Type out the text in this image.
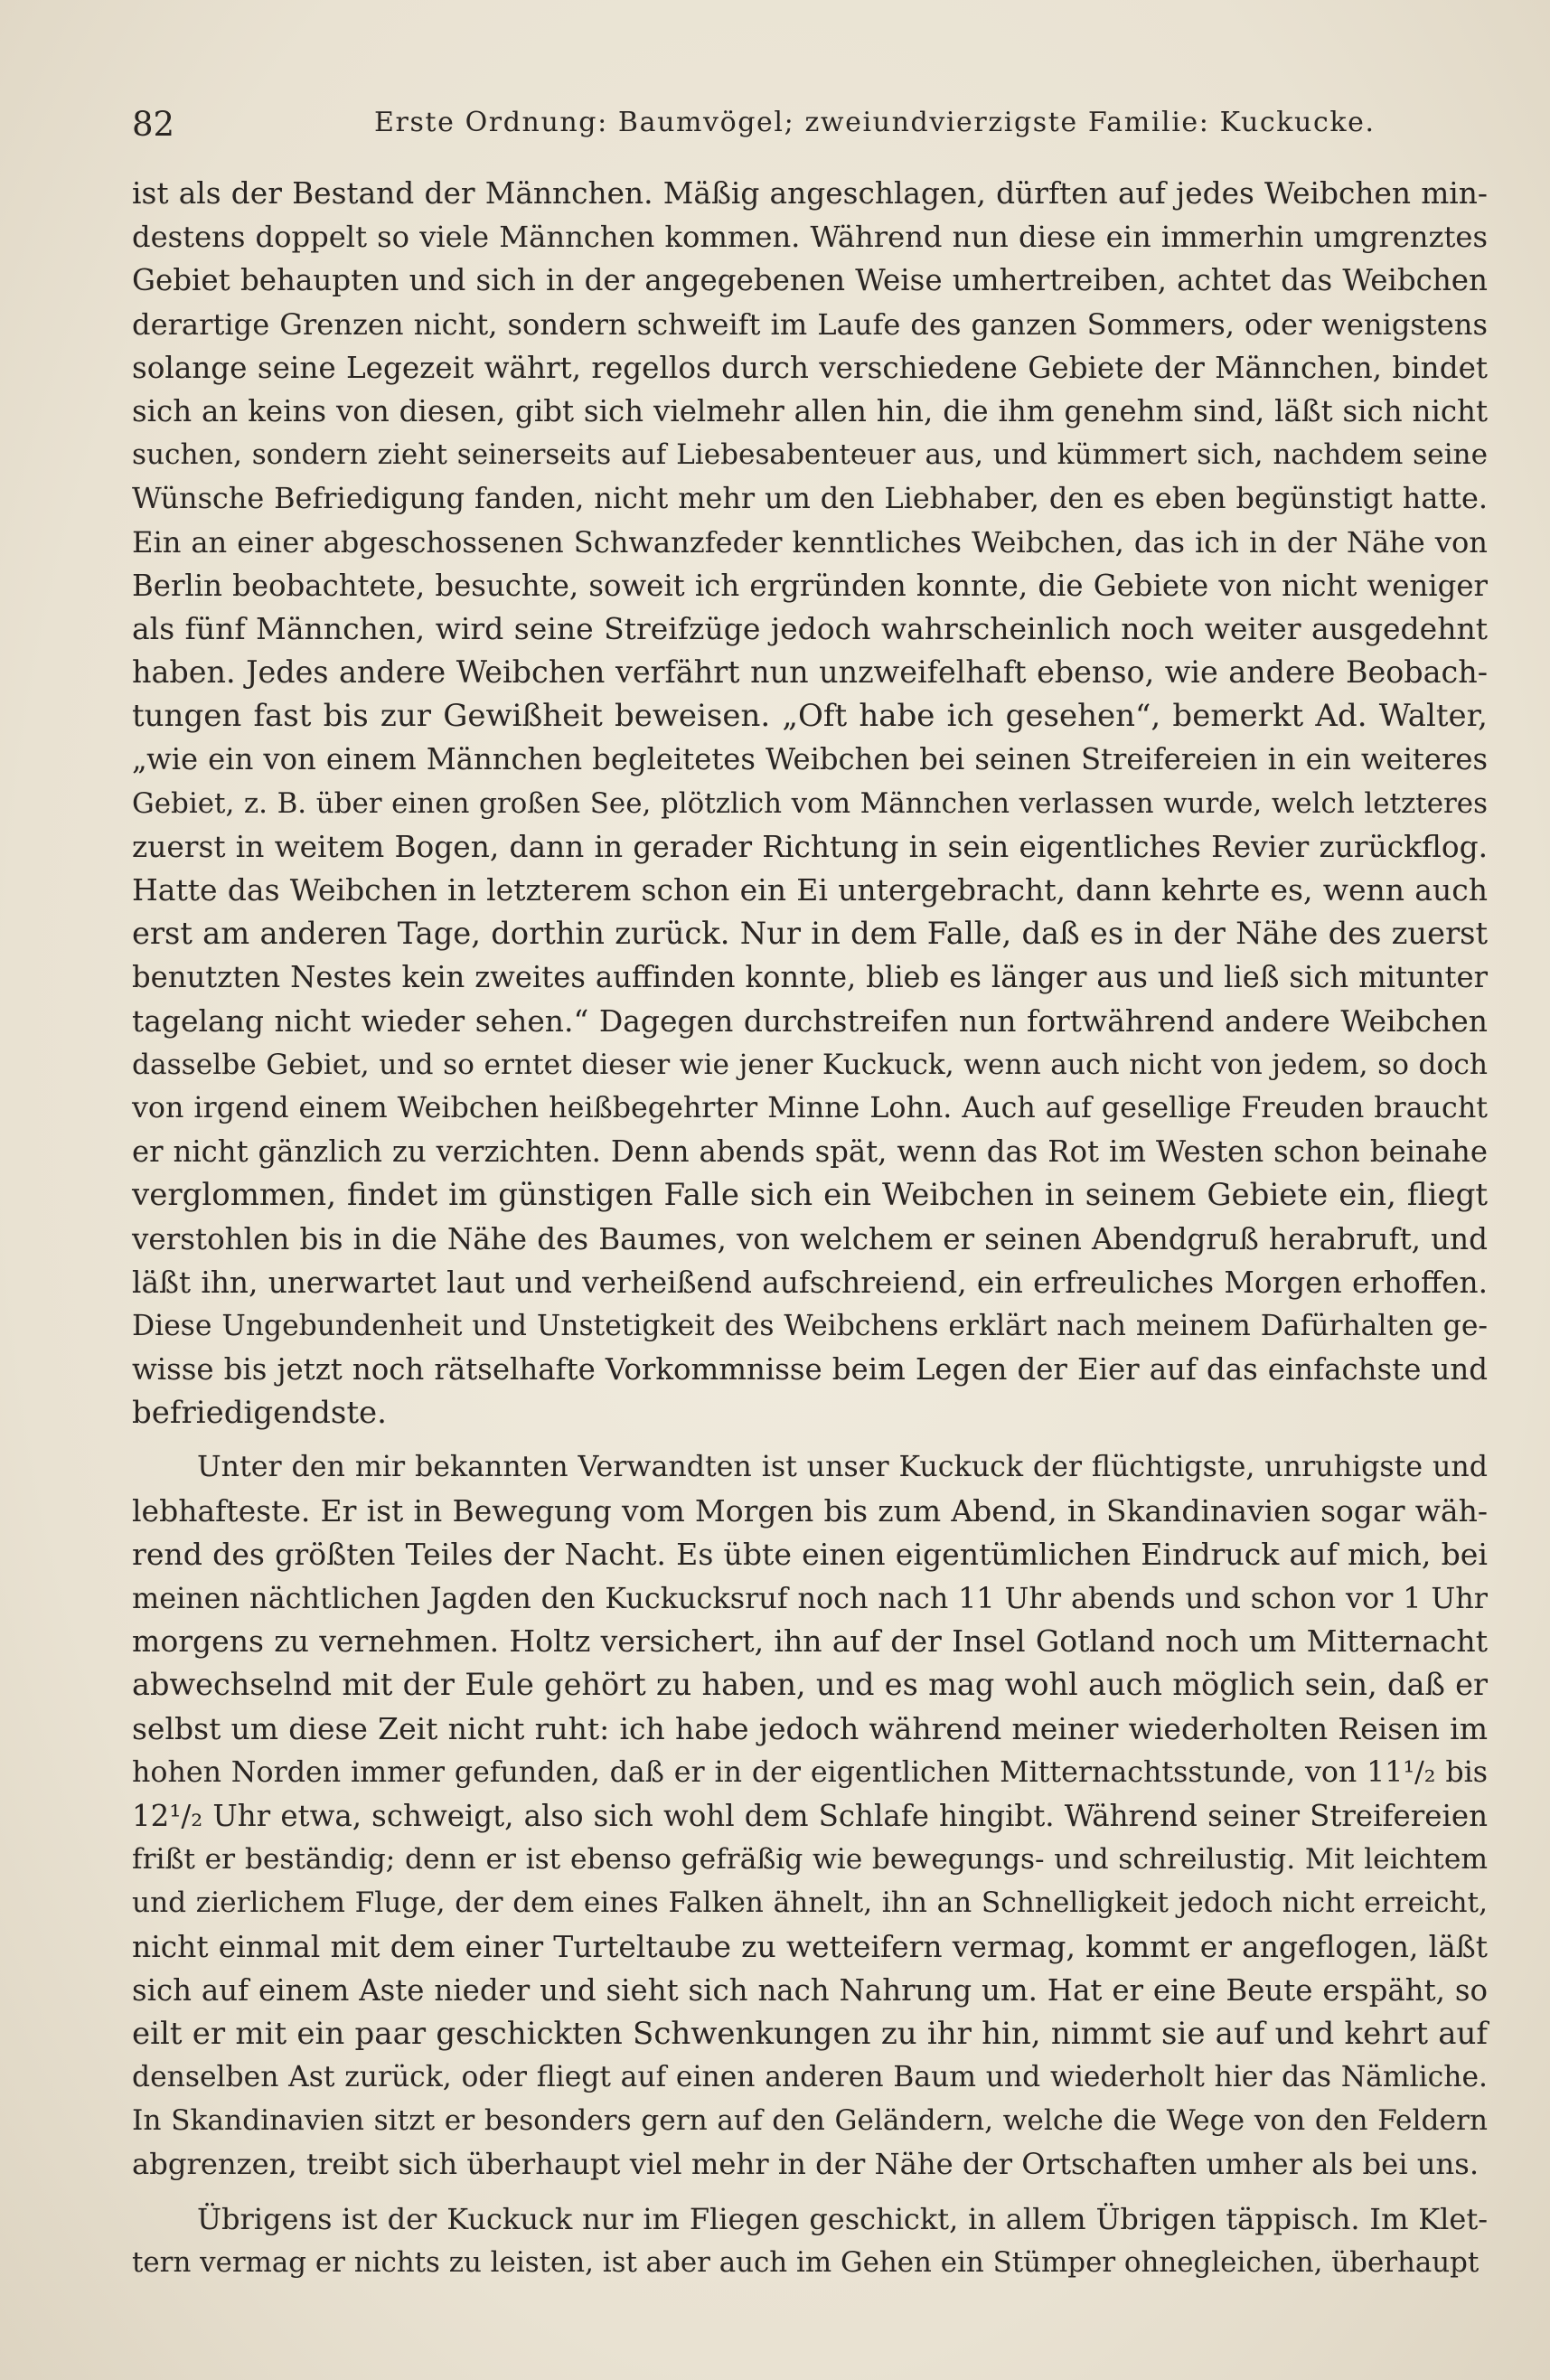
82	Erste Ordnung: Baumvögel; zweiundvierzigste Familie: Kuckucke.
ist als der Bestand der Männchen. Mäßig angeschlagen, dürften auf jedes Weibchen min-
destens doppelt so viele Männchen kommen. Während nun diese ein immerhin umgrenztes
Gebiet behaupten und sich in der angegebenen Weise umhertreiben, achtet das Weibchen
derartige Grenzen nicht, sondern schweift im Laufe des ganzen Sommers, oder wenigstens
solange seine Legezeit währt, regellos durch verschiedene Gebiete der Männchen, bindet
sich an keins von diesen, gibt sich vielmehr allen hin, die ihm genehm sind, läßt sich nicht
suchen, sondern zieht seinerseits auf Liebesabenteuer aus, und kümmert sich, nachdem seine
Wünsche Befriedigung fanden, nicht mehr um den Liebhaber, den es eben begünstigt hatte.
Ein an einer abgeschossenen Schwanzfeder kenntliches Weibchen, das ich in der Nähe von
Berlin beobachtete, besuchte, soweit ich ergründen konnte, die Gebiete von nicht weniger
als fünf Männchen, wird seine Streifzüge jedoch wahrscheinlich noch weiter ausgedehnt
haben. Jedes andere Weibchen verfährt nun unzweifelhaft ebenso, wie andere Beobach-
tungen fast bis zur Gewißheit beweisen. „Oft habe ich gesehen“, bemerkt Ad. Walter,
„wie ein von einem Männchen begleitetes Weibchen bei seinen Streifereien in ein weiteres
Gebiet, z. B. über einen großen See, plötzlich vom Männchen verlassen wurde, welch letzteres
zuerst in weitem Bogen, dann in gerader Richtung in sein eigentliches Revier zurückflog.
Hatte das Weibchen in letzterem schon ein Ei untergebracht, dann kehrte es, wenn auch
erst am anderen Tage, dorthin zurück. Nur in dem Falle, daß es in der Nähe des zuerst
benutzten Nestes kein zweites auffinden konnte, blieb es länger aus und ließ sich mitunter
tagelang nicht wieder sehen.“ Dagegen durchstreifen nun fortwährend andere Weibchen
dasselbe Gebiet, und so erntet dieser wie jener Kuckuck, wenn auch nicht von jedem, so doch
von irgend einem Weibchen heißbegehrter Minne Lohn. Auch auf gesellige Freuden braucht
er nicht gänzlich zu verzichten. Denn abends spät, wenn das Rot im Westen schon beinahe
verglommen, findet im günstigen Falle sich ein Weibchen in seinem Gebiete ein, fliegt
verstohlen bis in die Nähe des Baumes, von welchem er seinen Abendgruß herabruft, und
läßt ihn, unerwartet laut und verheißend aufschreiend, ein erfreuliches Morgen erhoffen.
Diese Ungebundenheit und Unstetigkeit des Weibchens erklärt nach meinem Dafürhalten ge-
wisse bis jetzt noch rätselhafte Vorkommnisse beim Legen der Eier auf das einfachste und
befriedigendste.
Unter den mir bekannten Verwandten ist unser Kuckuck der flüchtigste, unruhigste und
lebhafteste. Er ist in Bewegung vom Morgen bis zum Abend, in Skandinavien sogar wäh-
rend des größten Teiles der Nacht. Es übte einen eigentümlichen Eindruck auf mich, bei
meinen nächtlichen Jagden den Kuckucksruf noch nach 11 Uhr abends und schon vor 1 Uhr
morgens zu vernehmen. Holtz versichert, ihn auf der Insel Gotland noch um Mitternacht
abwechselnd mit der Eule gehört zu haben, und es mag wohl auch möglich sein, daß er
selbst um diese Zeit nicht ruht: ich habe jedoch während meiner wiederholten Reisen im
hohen Norden immer gefunden, daß er in der eigentlichen Mitternachtsstunde, von 11¹/₂ bis
12¹/₂ Uhr etwa, schweigt, also sich wohl dem Schlafe hingibt. Während seiner Streifereien
frißt er beständig; denn er ist ebenso gefräßig wie bewegungs- und schreilustig. Mit leichtem
und zierlichem Fluge, der dem eines Falken ähnelt, ihn an Schnelligkeit jedoch nicht erreicht,
nicht einmal mit dem einer Turteltaube zu wetteifern vermag, kommt er angeflogen, läßt
sich auf einem Aste nieder und sieht sich nach Nahrung um. Hat er eine Beute erspäht, so
eilt er mit ein paar geschickten Schwenkungen zu ihr hin, nimmt sie auf und kehrt auf
denselben Ast zurück, oder fliegt auf einen anderen Baum und wiederholt hier das Nämliche.
In Skandinavien sitzt er besonders gern auf den Geländern, welche die Wege von den Feldern
abgrenzen, treibt sich überhaupt viel mehr in der Nähe der Ortschaften umher als bei uns.
Übrigens ist der Kuckuck nur im Fliegen geschickt, in allem Übrigen täppisch. Im Klet-
tern vermag er nichts zu leisten, ist aber auch im Gehen ein Stümper ohnegleichen, überhaupt
